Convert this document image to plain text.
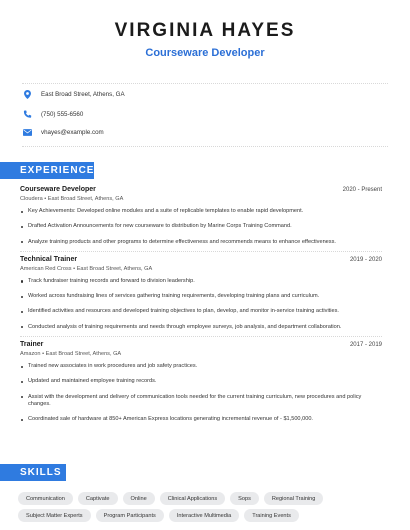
VIRGINIA HAYES
Courseware Developer
East Broad Street, Athens, GA
(750) 555-6560
vhayes@example.com
EXPERIENCE
Courseware Developer	2020 - Present
Cloudera • East Broad Street, Athens, GA
Key Achievements: Developed online modules and a suite of replicable templates to enable rapid development.
Drafted Activation Announcements for new courseware to distribution by Marine Corps Training Command.
Analyze training products and other programs to determine effectiveness and recommends means to enhance effectiveness.
Technical Trainer	2019 - 2020
American Red Cross • East Broad Street, Athens, GA
Track fundraiser training records and forward to division leadership.
Worked across fundraising lines of services gathering training requirements, developing training plans and curriculum.
Identified activities and resources and developed training objectives to plan, develop, and monitor in-service training activities.
Conducted analysis of training requirements and needs through employee surveys, job analysis, and department collaboration.
Trainer	2017 - 2019
Amazon • East Broad Street, Athens, GA
Trained new associates in work procedures and job safety practices.
Updated and maintained employee training records.
Assist with the development and delivery of communication tools needed for the current training curriculum, new procedures and policy changes.
Coordinated sale of hardware at 850+ American Express locations generating incremental revenue of - $1,500,000.
SKILLS
Communication	Captivate	Online	Clinical Applications	Sops	Regional Training
Subject Matter Experts	Program Participants	Interactive Multimedia	Training Events
